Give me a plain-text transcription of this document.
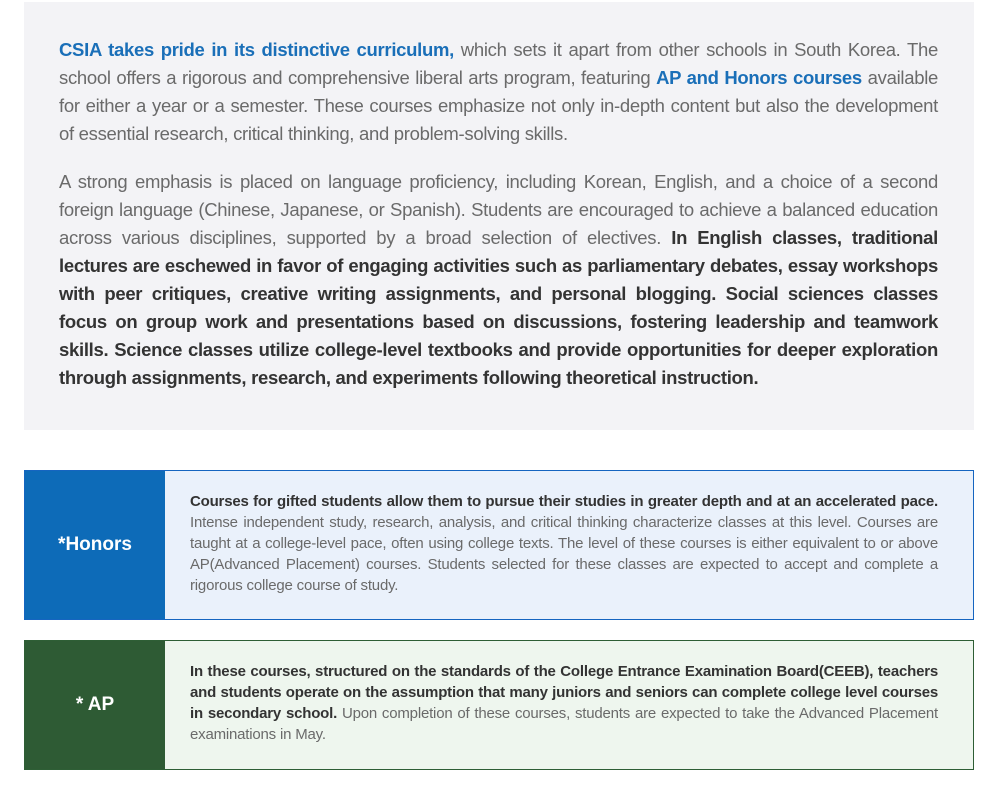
CSIA takes pride in its distinctive curriculum, which sets it apart from other schools in South Korea. The school offers a rigorous and comprehensive liberal arts program, featuring AP and Honors courses available for either a year or a semester. These courses emphasize not only in-depth content but also the development of essential research, critical thinking, and problem-solving skills.

A strong emphasis is placed on language proficiency, including Korean, English, and a choice of a second foreign language (Chinese, Japanese, or Spanish). Students are encouraged to achieve a balanced education across various disciplines, supported by a broad selection of electives. In English classes, traditional lectures are eschewed in favor of engaging activities such as parliamentary debates, essay workshops with peer critiques, creative writing assignments, and personal blogging. Social sciences classes focus on group work and presentations based on discussions, fostering leadership and teamwork skills. Science classes utilize college-level textbooks and provide opportunities for deeper exploration through assignments, research, and experiments following theoretical instruction.

*Honors
Courses for gifted students allow them to pursue their studies in greater depth and at an accelerated pace. Intense independent study, research, analysis, and critical thinking characterize classes at this level. Courses are taught at a college-level pace, often using college texts. The level of these courses is either equivalent to or above AP(Advanced Placement) courses. Students selected for these classes are expected to accept and complete a rigorous college course of study.
* AP
In these courses, structured on the standards of the College Entrance Examination Board(CEEB), teachers and students operate on the assumption that many juniors and seniors can complete college level courses in secondary school. Upon completion of these courses, students are expected to take the Advanced Placement examinations in May.
